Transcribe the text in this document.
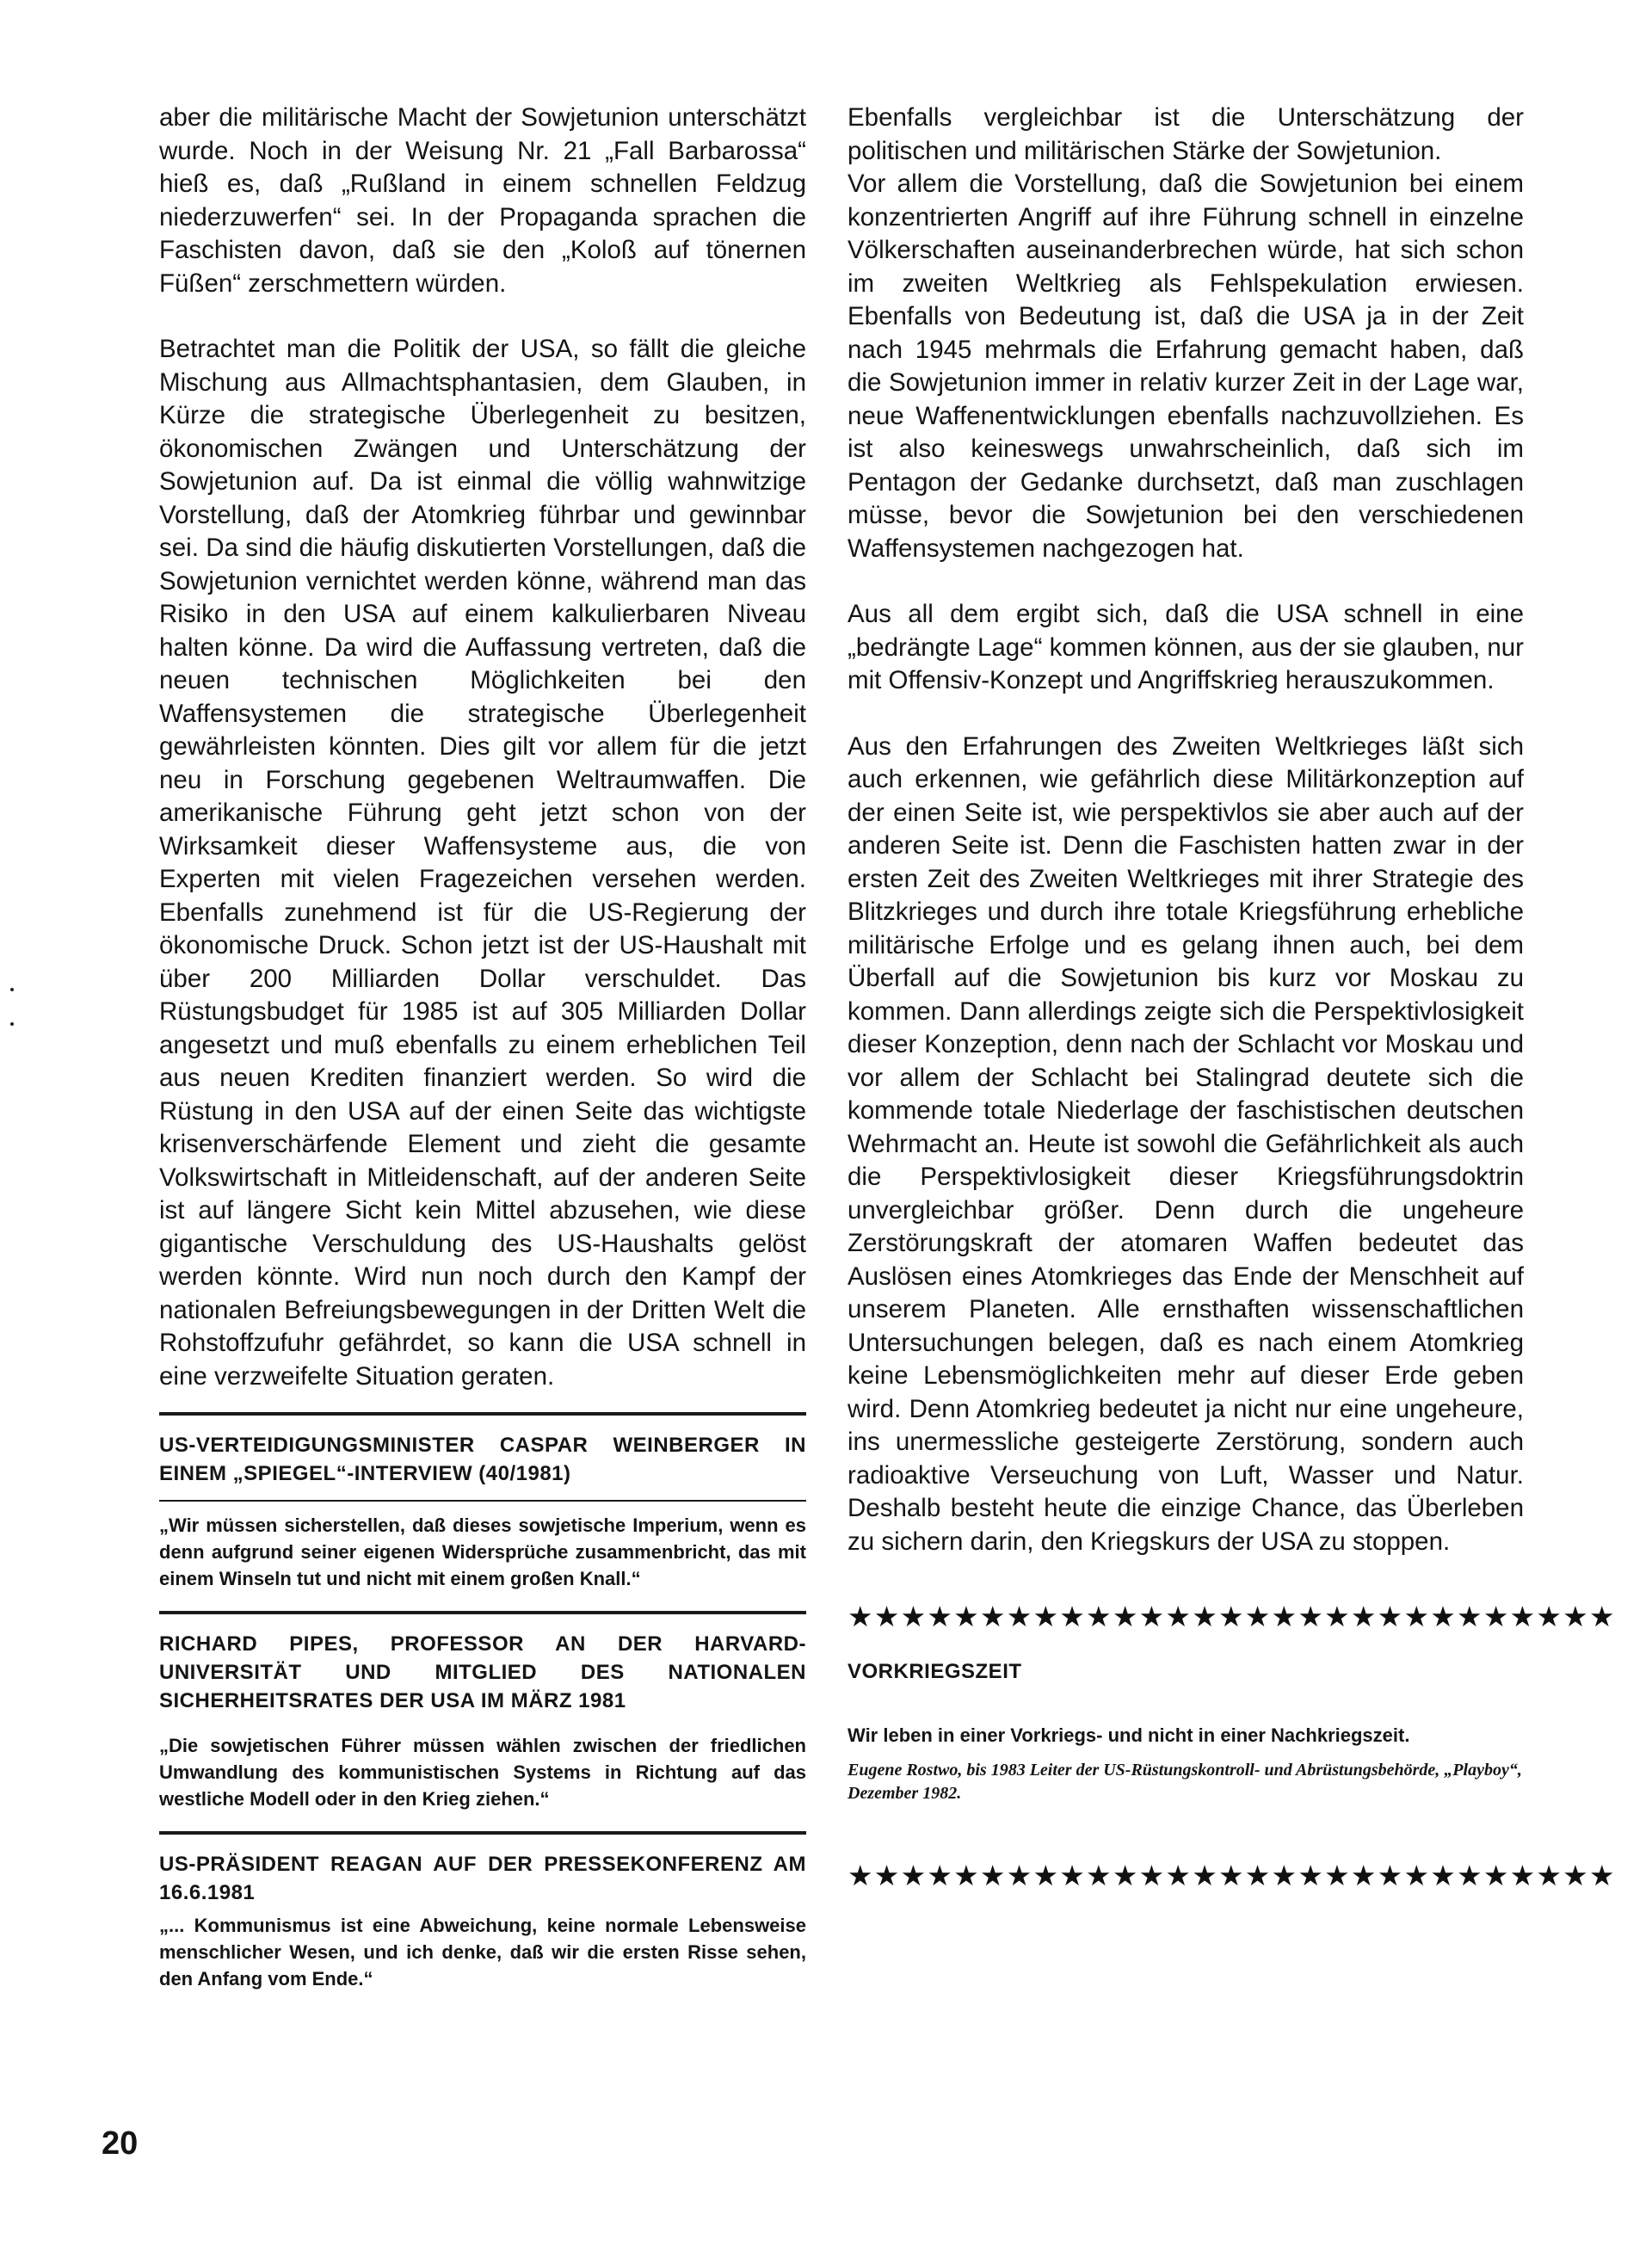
aber die militärische Macht der Sowjetunion unterschätzt wurde. Noch in der Weisung Nr. 21 „Fall Barbarossa“ hieß es, daß „Rußland in einem schnellen Feldzug niederzuwerfen“ sei. In der Propaganda sprachen die Faschisten davon, daß sie den „Koloß auf tönernen Füßen“ zerschmettern würden.

Betrachtet man die Politik der USA, so fällt die gleiche Mischung aus Allmachtsphantasien, dem Glauben, in Kürze die strategische Überlegenheit zu besitzen, ökonomischen Zwängen und Unterschätzung der Sowjetunion auf. Da ist einmal die völlig wahnwitzige Vorstellung, daß der Atomkrieg führbar und gewinnbar sei. Da sind die häufig diskutierten Vorstellungen, daß die Sowjetunion vernichtet werden könne, während man das Risiko in den USA auf einem kalkulierbaren Niveau halten könne. Da wird die Auffassung vertreten, daß die neuen technischen Möglichkeiten bei den Waffensystemen die strategische Überlegenheit gewährleisten könnten. Dies gilt vor allem für die jetzt neu in Forschung gegebenen Weltraumwaffen. Die amerikanische Führung geht jetzt schon von der Wirksamkeit dieser Waffensysteme aus, die von Experten mit vielen Fragezeichen versehen werden. Ebenfalls zunehmend ist für die US-Regierung der ökonomische Druck. Schon jetzt ist der US-Haushalt mit über 200 Milliarden Dollar verschuldet. Das Rüstungsbudget für 1985 ist auf 305 Milliarden Dollar angesetzt und muß ebenfalls zu einem erheblichen Teil aus neuen Krediten finanziert werden. So wird die Rüstung in den USA auf der einen Seite das wichtigste krisenverschärfende Element und zieht die gesamte Volkswirtschaft in Mitleidenschaft, auf der anderen Seite ist auf längere Sicht kein Mittel abzusehen, wie diese gigantische Verschuldung des US-Haushalts gelöst werden könnte. Wird nun noch durch den Kampf der nationalen Befreiungsbewegungen in der Dritten Welt die Rohstoffzufuhr gefährdet, so kann die USA schnell in eine verzweifelte Situation geraten.

US-VERTEIDIGUNGSMINISTER CASPAR WEINBERGER IN EINEM „SPIEGEL“-INTERVIEW (40/1981)

„Wir müssen sicherstellen, daß dieses sowjetische Imperium, wenn es denn aufgrund seiner eigenen Widersprüche zusammenbricht, das mit einem Winseln tut und nicht mit einem großen Knall.“

RICHARD PIPES, PROFESSOR AN DER HARVARD-UNIVERSITÄT UND MITGLIED DES NATIONALEN SICHERHEITSRATES DER USA IM MÄRZ 1981

„Die sowjetischen Führer müssen wählen zwischen der friedlichen Umwandlung des kommunistischen Systems in Richtung auf das westliche Modell oder in den Krieg ziehen.“

US-PRÄSIDENT REAGAN AUF DER PRESSEKONFERENZ AM 16.6.1981

„... Kommunismus ist eine Abweichung, keine normale Lebensweise menschlicher Wesen, und ich denke, daß wir die ersten Risse sehen, den Anfang vom Ende.“

Ebenfalls vergleichbar ist die Unterschätzung der politischen und militärischen Stärke der Sowjetunion.

Vor allem die Vorstellung, daß die Sowjetunion bei einem konzentrierten Angriff auf ihre Führung schnell in einzelne Völkerschaften auseinanderbrechen würde, hat sich schon im zweiten Weltkrieg als Fehlspekulation erwiesen. Ebenfalls von Bedeutung ist, daß die USA ja in der Zeit nach 1945 mehrmals die Erfahrung gemacht haben, daß die Sowjetunion immer in relativ kurzer Zeit in der Lage war, neue Waffenentwicklungen ebenfalls nachzuvollziehen. Es ist also keineswegs unwahrscheinlich, daß sich im Pentagon der Gedanke durchsetzt, daß man zuschlagen müsse, bevor die Sowjetunion bei den verschiedenen Waffensystemen nachgezogen hat.

Aus all dem ergibt sich, daß die USA schnell in eine „bedrängte Lage“ kommen können, aus der sie glauben, nur mit Offensiv-Konzept und Angriffskrieg herauszukommen.

Aus den Erfahrungen des Zweiten Weltkrieges läßt sich auch erkennen, wie gefährlich diese Militärkonzeption auf der einen Seite ist, wie perspektivlos sie aber auch auf der anderen Seite ist. Denn die Faschisten hatten zwar in der ersten Zeit des Zweiten Weltkrieges mit ihrer Strategie des Blitzkrieges und durch ihre totale Kriegsführung erhebliche militärische Erfolge und es gelang ihnen auch, bei dem Überfall auf die Sowjetunion bis kurz vor Moskau zu kommen. Dann allerdings zeigte sich die Perspektivlosigkeit dieser Konzeption, denn nach der Schlacht vor Moskau und vor allem der Schlacht bei Stalingrad deutete sich die kommende totale Niederlage der faschistischen deutschen Wehrmacht an. Heute ist sowohl die Gefährlichkeit als auch die Perspektivlosigkeit dieser Kriegsführungsdoktrin unvergleichbar größer. Denn durch die ungeheure Zerstörungskraft der atomaren Waffen bedeutet das Auslösen eines Atomkrieges das Ende der Menschheit auf unserem Planeten. Alle ernsthaften wissenschaftlichen Untersuchungen belegen, daß es nach einem Atomkrieg keine Lebensmöglichkeiten mehr auf dieser Erde geben wird. Denn Atomkrieg bedeutet ja nicht nur eine ungeheure, ins unermessliche gesteigerte Zerstörung, sondern auch radioaktive Verseuchung von Luft, Wasser und Natur. Deshalb besteht heute die einzige Chance, das Überleben zu sichern darin, den Kriegskurs der USA zu stoppen.

★★★★★★★★★★★★★★★★★★★★★★★★★★★★★
VORKRIEGSZEIT

Wir leben in einer Vorkriegs- und nicht in einer Nachkriegszeit.

Eugene Rostwo, bis 1983 Leiter der US-Rüstungskontroll- und Abrüstungsbehörde, „Playboy“, Dezember 1982.

★★★★★★★★★★★★★★★★★★★★★★★★★★★★★
20
